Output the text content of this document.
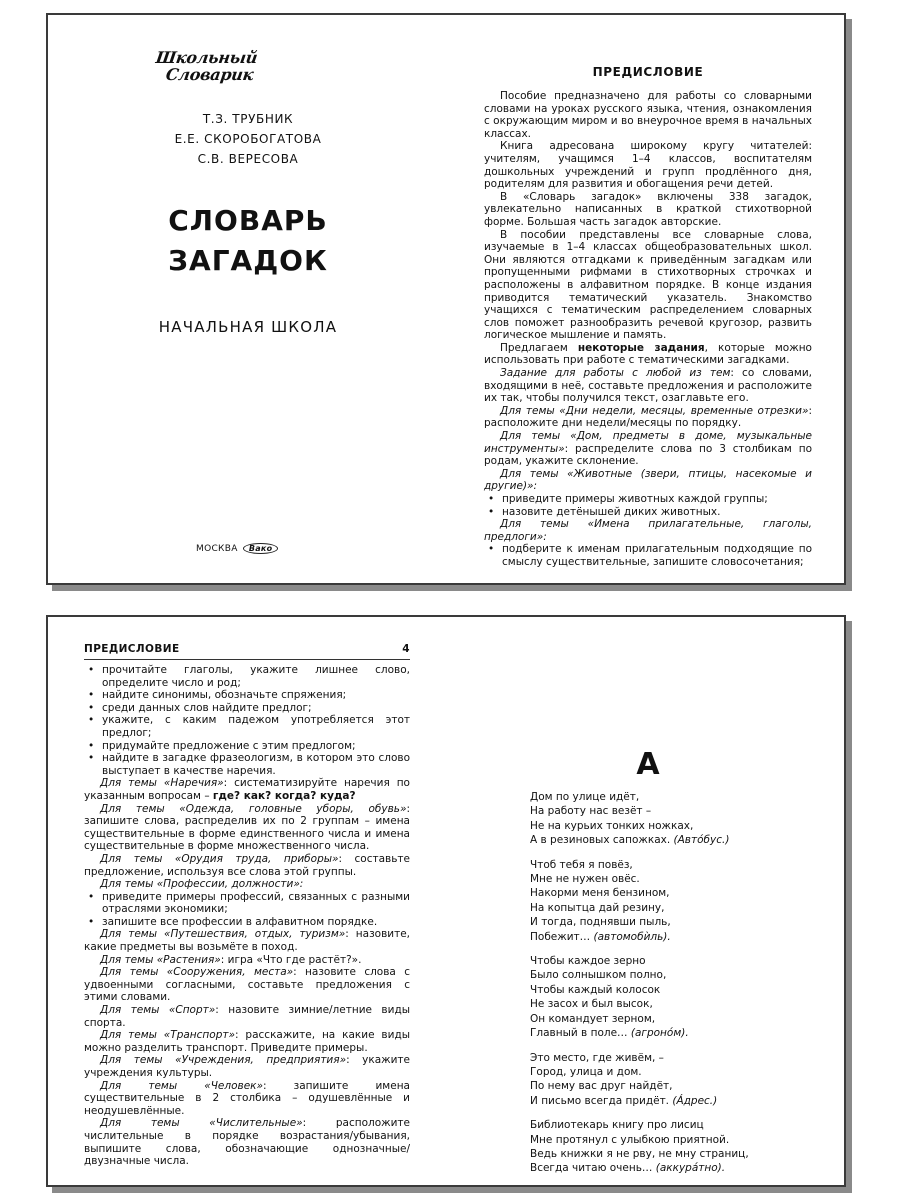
Школьный
Словарик
Т.З. ТРУБНИК
Е.Е. СКОРОБОГАТОВА
С.В. ВЕРЕСОВА
СЛОВАРЬ
ЗАГАДОК
НАЧАЛЬНАЯ ШКОЛА
МОСКВА Вако
ПРЕДИСЛОВИЕ

Пособие предназначено для работы со словарными словами на уроках русского языка, чтения, ознакомления с окружающим миром и во внеурочное время в начальных классах.

Книга адресована широкому кругу читателей: учителям, учащимся 1–4 классов, воспитателям дошкольных учреждений и групп продлённого дня, родителям для развития и обогащения речи детей.

В «Словарь загадок» включены 338 загадок, увлекательно написанных в краткой стихотворной форме. Большая часть загадок авторские.

В пособии представлены все словарные слова, изучаемые в 1–4 классах общеобразовательных школ. Они являются отгадками к приведённым загадкам или пропущенными рифмами в стихотворных строчках и расположены в алфавитном порядке. В конце издания приводится тематический указатель. Знакомство учащихся с тематическим распределением словарных слов поможет разнообразить речевой кругозор, развить логическое мышление и память.

Предлагаем некоторые задания, которые можно использовать при работе с тематическими загадками.

Задание для работы с любой из тем: со словами, входящими в неё, составьте предложения и расположите их так, чтобы получился текст, озаглавьте его.

Для темы «Дни недели, месяцы, временные отрезки»: расположите дни недели/месяцы по порядку.

Для темы «Дом, предметы в доме, музыкальные инструменты»: распределите слова по 3 столбикам по родам, укажите склонение.

Для темы «Животные (звери, птицы, насекомые и другие)»:

• приведите примеры животных каждой группы;
• назовите детёнышей диких животных.

Для темы «Имена прилагательные, глаголы, предлоги»:

• подберите к именам прилагательным подходящие по смыслу существительные, запишите словосочетания;
ПРЕДИСЛОВИЕ	4
• прочитайте глаголы, укажите лишнее слово, определите число и род;
• найдите синонимы, обозначьте спряжения;
• среди данных слов найдите предлог;
• укажите, с каким падежом употребляется этот предлог;
• придумайте предложение с этим предлогом;
• найдите в загадке фразеологизм, в котором это слово выступает в качестве наречия.

Для темы «Наречия»: систематизируйте наречия по указанным вопросам – где? как? когда? куда?

Для темы «Одежда, головные уборы, обувь»: запишите слова, распределив их по 2 группам – имена существительные в форме единственного числа и имена существительные в форме множественного числа.

Для темы «Орудия труда, приборы»: составьте предложение, используя все слова этой группы.

Для темы «Профессии, должности»:

• приведите примеры профессий, связанных с разными отраслями экономики;
• запишите все профессии в алфавитном порядке.

Для темы «Путешествия, отдых, туризм»: назовите, какие предметы вы возьмёте в поход.

Для темы «Растения»: игра «Что где растёт?».

Для темы «Сооружения, места»: назовите слова с удвоенными согласными, составьте предложения с этими словами.

Для темы «Спорт»: назовите зимние/летние виды спорта.

Для темы «Транспорт»: расскажите, на какие виды можно разделить транспорт. Приведите примеры.

Для темы «Учреждения, предприятия»: укажите учреждения культуры.

Для темы «Человек»: запишите имена существительные в 2 столбика – одушевлённые и неодушевлённые.

Для темы «Числительные»: расположите числительные в порядке возрастания/убывания, выпишите слова, обозначающие однозначные/двузначные числа.

А
Дом по улице идёт,
На работу нас везёт –
Не на курьих тонких ножках,
А в резиновых сапожках. (Автóбус.)
Чтоб тебя я повёз,
Мне не нужен овёс.
Накорми меня бензином,
На копытца дай резину,
И тогда, поднявши пыль,
Побежит… (автомобѝль).
Чтобы каждое зерно
Было солнышком полно,
Чтобы каждый колосок
Не засох и был высок,
Он командует зерном,
Главный в поле… (агронóм).
Это место, где живём, –
Город, улица и дом.
По нему вас друг найдёт,
И письмо всегда придёт. (Áдрес.)
Библиотекарь книгу про лисиц
Мне протянул с улыбкою приятной.
Ведь книжки я не рву, не мну страниц,
Всегда читаю очень… (аккурáтно).
